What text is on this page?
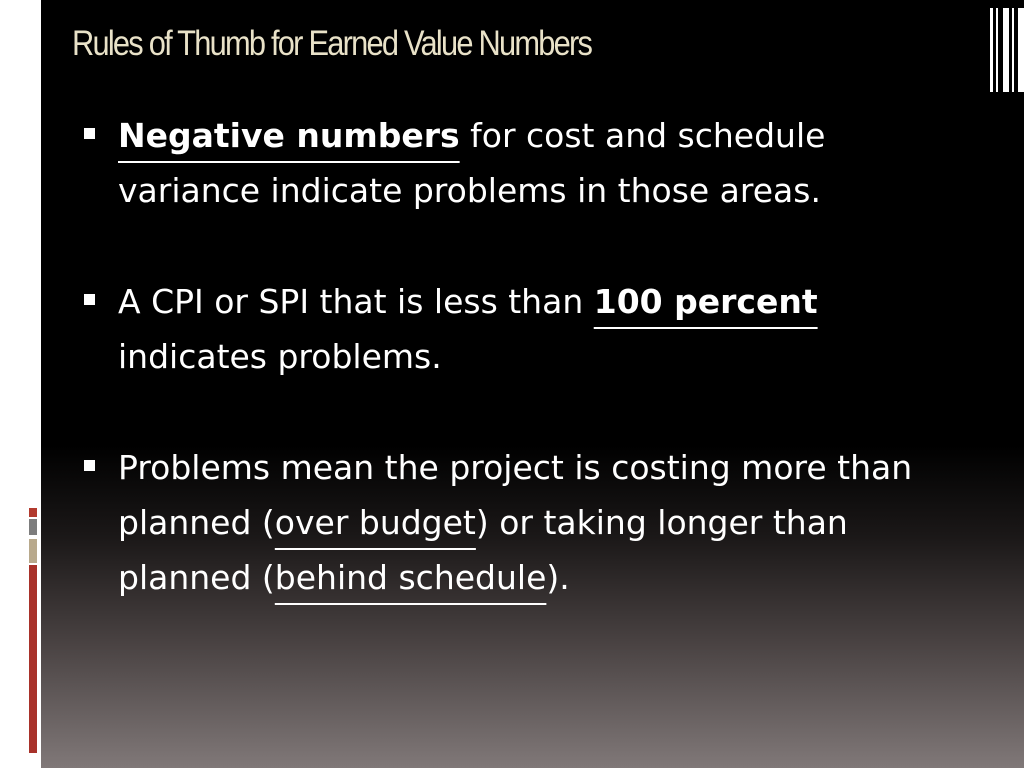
Rules of Thumb for Earned Value Numbers
Negative numbers for cost and schedule variance indicate problems in those areas.
A CPI or SPI that is less than 100 percent indicates problems.
Problems mean the project is costing more than planned (over budget) or taking longer than planned (behind schedule).
